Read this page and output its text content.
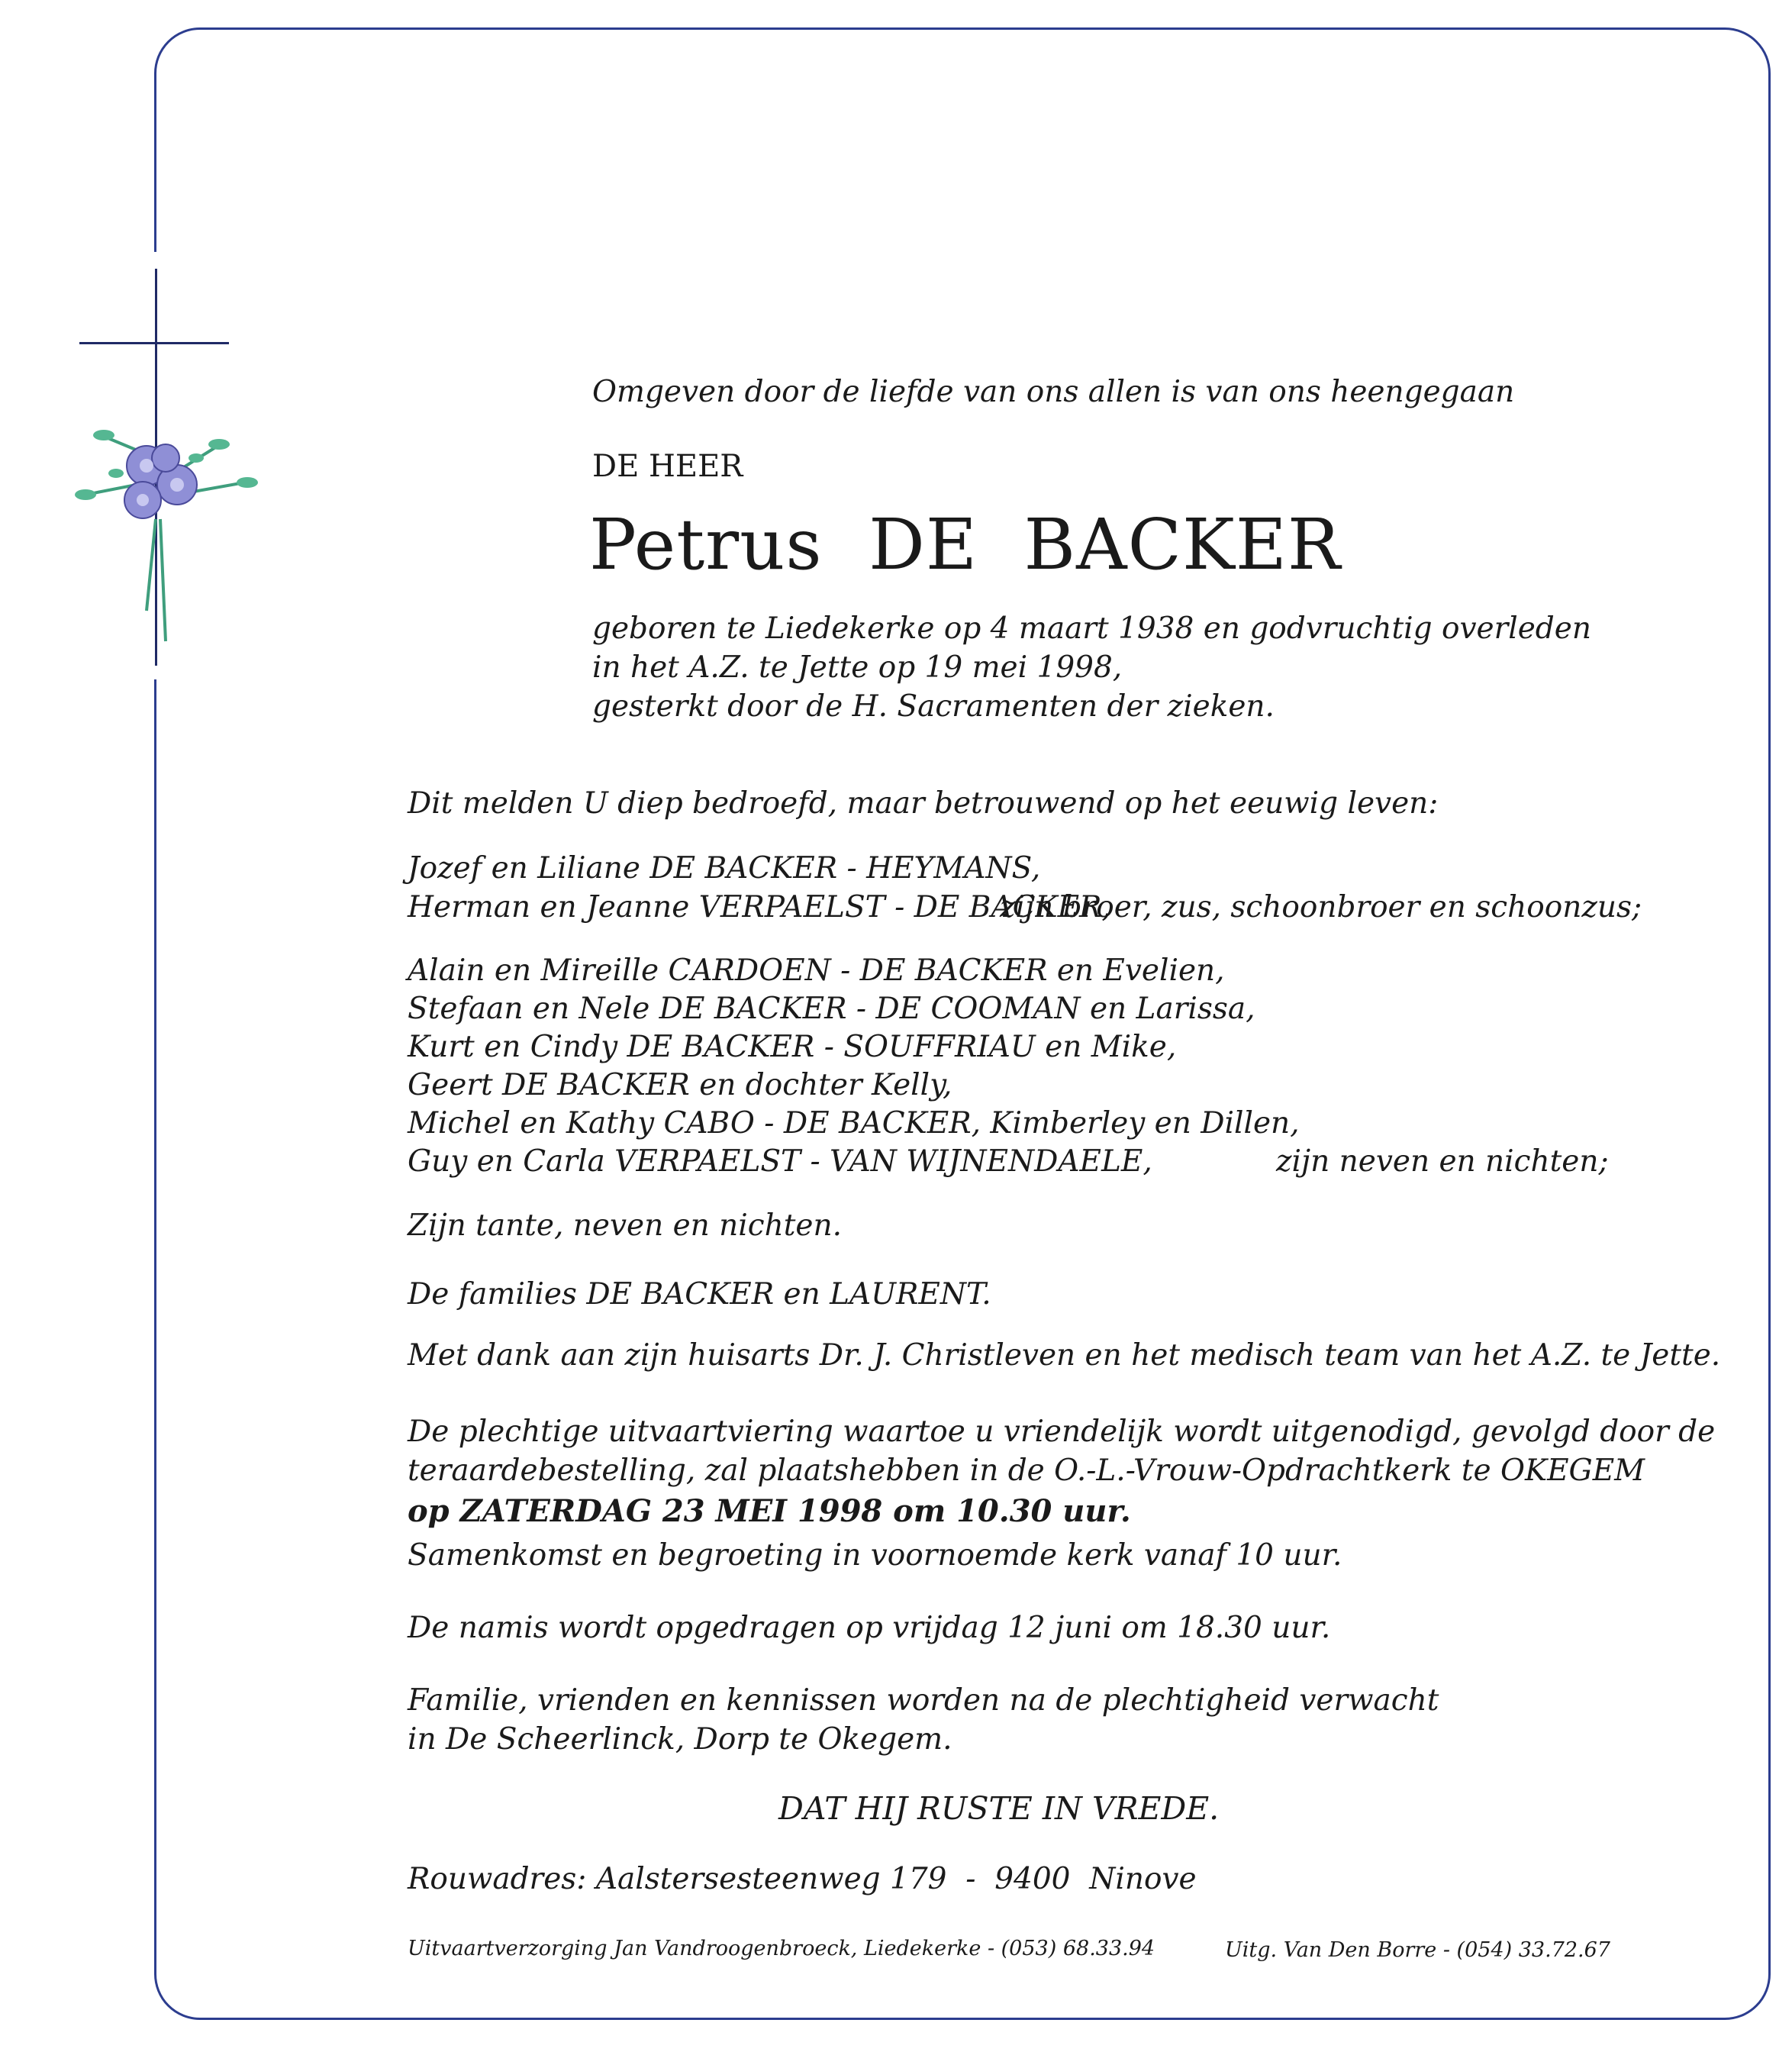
Omgeven door de liefde van ons allen is van ons heengegaan
DE HEER
Petrus  DE  BACKER
geboren te Liedekerke op 4 maart 1938 en godvruchtig overleden
in het A.Z. te Jette op 19 mei 1998,
gesterkt door de H. Sacramenten der zieken.
Dit melden U diep bedroefd, maar betrouwend op het eeuwig leven:
Jozef en Liliane DE BACKER - HEYMANS,
Herman en Jeanne VERPAELST - DE BACKER,
zijn broer, zus, schoonbroer en schoonzus;
Alain en Mireille CARDOEN - DE BACKER en Evelien,
Stefaan en Nele DE BACKER - DE COOMAN en Larissa,
Kurt en Cindy DE BACKER - SOUFFRIAU en Mike,
Geert DE BACKER en dochter Kelly,
Michel en Kathy CABO - DE BACKER, Kimberley en Dillen,
Guy en Carla VERPAELST - VAN WIJNENDAELE,	zijn neven en nichten;
Zijn tante, neven en nichten.
De families DE BACKER en LAURENT.
Met dank aan zijn huisarts Dr. J. Christleven en het medisch team van het A.Z. te Jette.
De plechtige uitvaartviering waartoe u vriendelijk wordt uitgenodigd, gevolgd door de
teraardebestelling, zal plaatshebben in de O.-L.-Vrouw-Opdrachtkerk te OKEGEM
op ZATERDAG 23 MEI 1998 om 10.30 uur.
Samenkomst en begroeting in voornoemde kerk vanaf 10 uur.
De namis wordt opgedragen op vrijdag 12 juni om 18.30 uur.
Familie, vrienden en kennissen worden na de plechtigheid verwacht
in De Scheerlinck, Dorp te Okegem.
DAT HIJ RUSTE IN VREDE.
Rouwadres: Aalstersesteenweg 179  -  9400  Ninove
Uitvaartverzorging Jan Vandroogenbroeck, Liedekerke - (053) 68.33.94	Uitg. Van Den Borre - (054) 33.72.67
